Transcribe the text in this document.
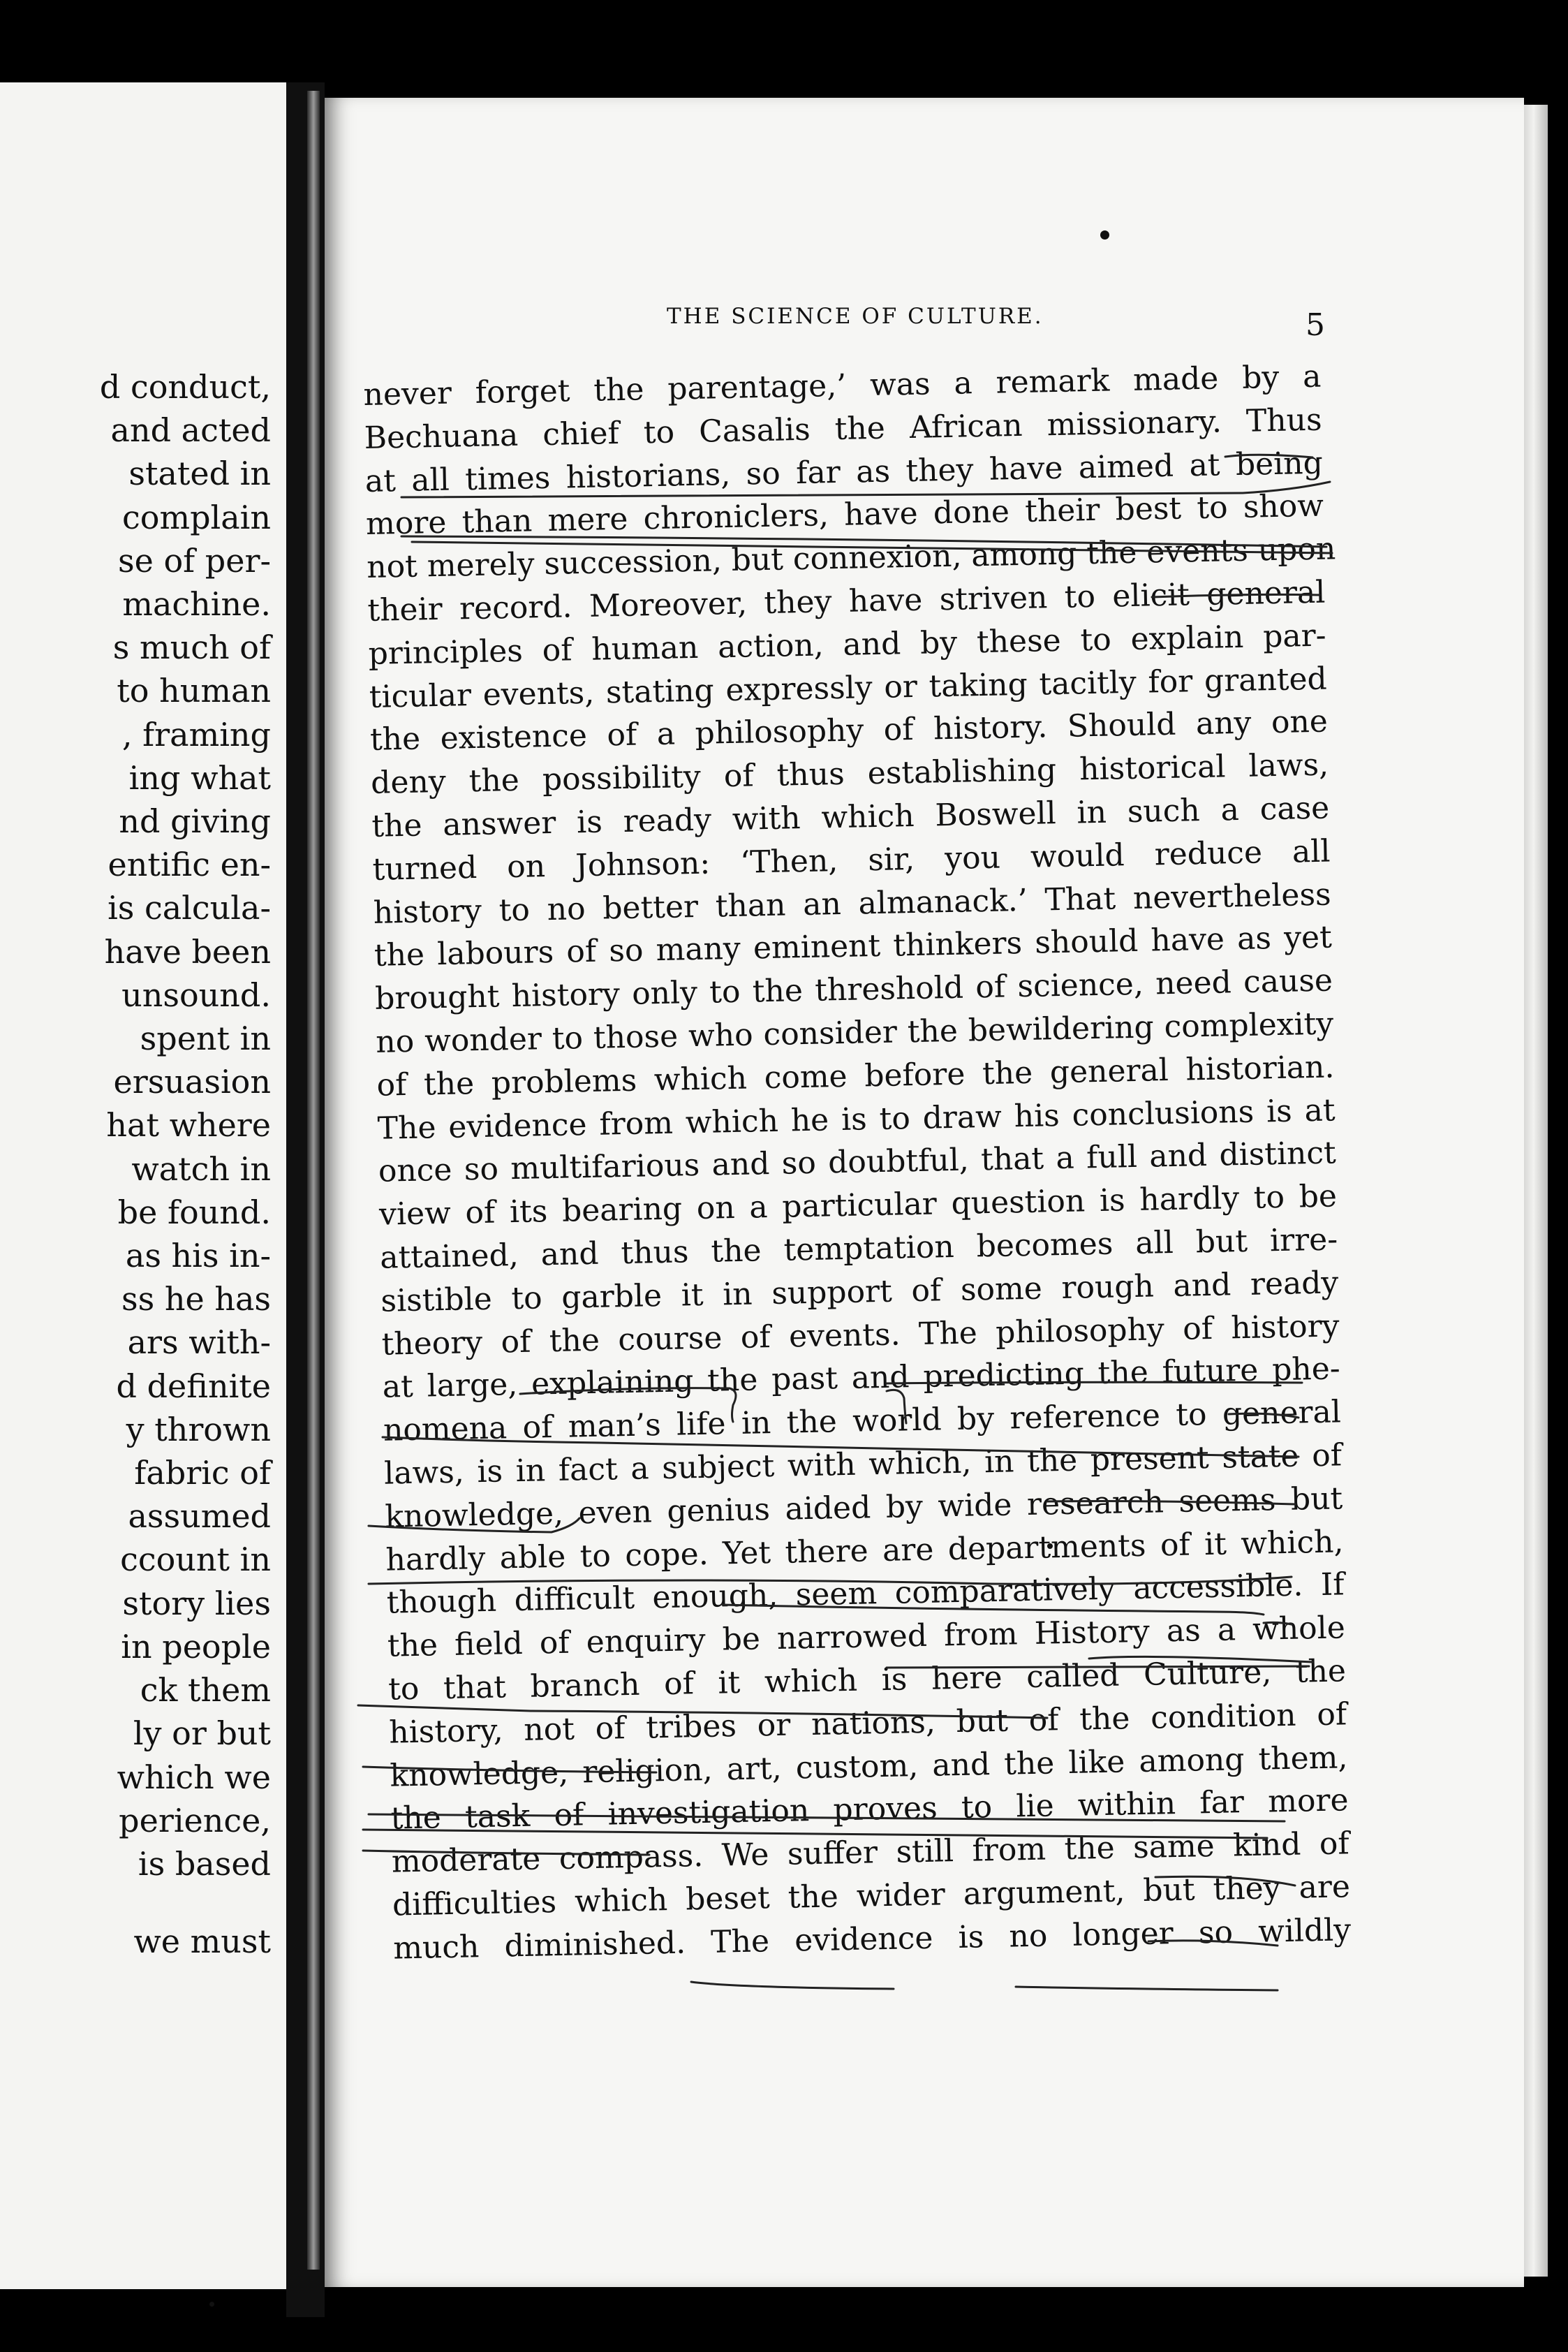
d conduct,
and acted
stated in
complain
se of per-
machine.
s much of
to human
, framing
ing what
nd giving
entific en-
is calcula-
have been
unsound.
spent in
ersuasion
hat where
watch in
be found.
as his in-
ss he has
ars with-
d definite
y thrown
fabric of
assumed
ccount in
story lies
in people
ck them
ly or but
which we
perience,
is based
we must
THE SCIENCE OF CULTURE.	5
never forget the parentage,’ was a remark made by a
Bechuana chief to Casalis the African missionary. Thus
at all times historians, so far as they have aimed at being
more than mere chroniclers, have done their best to show
not merely succession, but connexion, among the events upon
their record. Moreover, they have striven to elicit general
principles of human action, and by these to explain par-
ticular events, stating expressly or taking tacitly for granted
the existence of a philosophy of history. Should any one
deny the possibility of thus establishing historical laws,
the answer is ready with which Boswell in such a case
turned on Johnson: ‘Then, sir, you would reduce all
history to no better than an almanack.’ That nevertheless
the labours of so many eminent thinkers should have as yet
brought history only to the threshold of science, need cause
no wonder to those who consider the bewildering complexity
of the problems which come before the general historian.
The evidence from which he is to draw his conclusions is at
once so multifarious and so doubtful, that a full and distinct
view of its bearing on a particular question is hardly to be
attained, and thus the temptation becomes all but irre-
sistible to garble it in support of some rough and ready
theory of the course of events. The philosophy of history
at large, explaining the past and predicting the future phe-
nomena of man’s life in the world by reference to general
laws, is in fact a subject with which, in the present state of
knowledge, even genius aided by wide research seems but
hardly able to cope. Yet there are departments of it which,
though difficult enough, seem comparatively accessible. If
the field of enquiry be narrowed from History as a whole
to that branch of it which is here called Culture, the
history, not of tribes or nations, but of the condition of
knowledge, religion, art, custom, and the like among them,
the task of investigation proves to lie within far more
moderate compass. We suffer still from the same kind of
difficulties which beset the wider argument, but they are
much diminished. The evidence is no longer so wildly
